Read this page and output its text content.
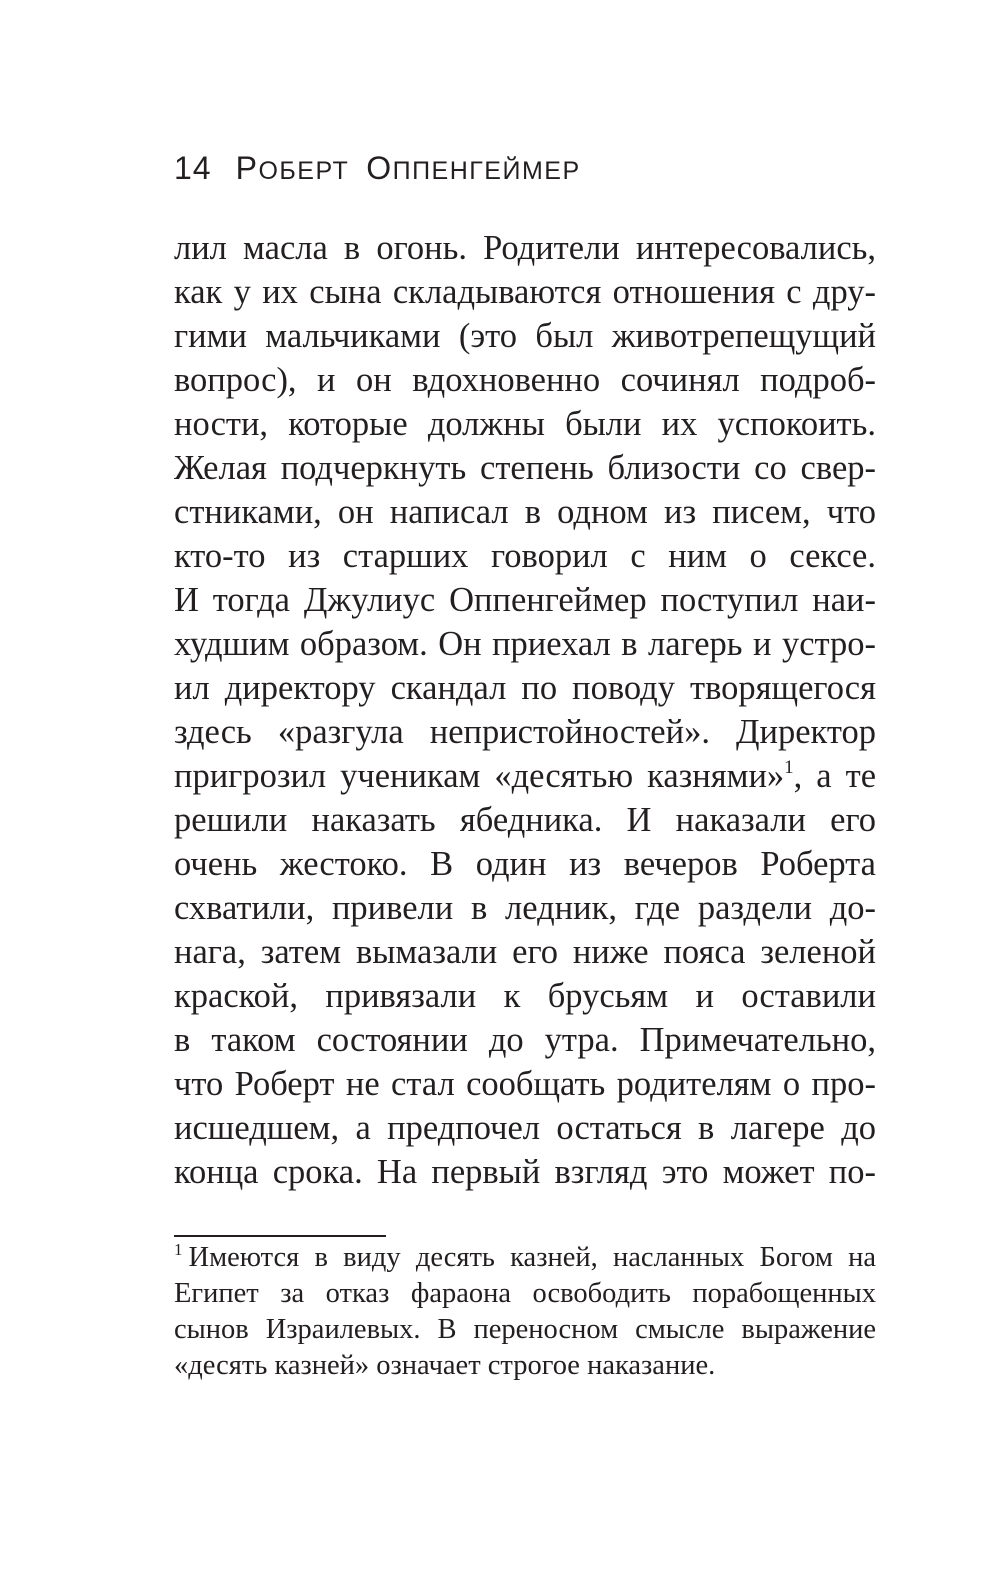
14 РОБЕРТ ОППЕНГЕЙМЕР
лил масла в огонь. Родители интересовались,
как у их сына складываются отношения с дру-
гими мальчиками (это был животрепещущий
вопрос), и он вдохновенно сочинял подроб-
ности, которые должны были их успокоить.
Желая подчеркнуть степень близости со свер-
стниками, он написал в одном из писем, что
кто-то из старших говорил с ним о сексе.
И тогда Джулиус Оппенгеймер поступил наи-
худшим образом. Он приехал в лагерь и устро-
ил директору скандал по поводу творящегося
здесь «разгула непристойностей». Директор
пригрозил ученикам «десятью казнями»$^1$, а те
решили наказать ябедника. И наказали его
очень жестоко. В один из вечеров Роберта
схватили, привели в ледник, где раздели до-
нага, затем вымазали его ниже пояса зеленой
краской, привязали к брусьям и оставили
в таком состоянии до утра. Примечательно,
что Роберт не стал сообщать родителям о про-
исшедшем, а предпочел остаться в лагере до
конца срока. На первый взгляд это может по-
$^1$ Имеются в виду десять казней, насланных Богом на
Египет за отказ фараона освободить порабощенных
сынов Израилевых. В переносном смысле выражение
«десять казней» означает строгое наказание.
